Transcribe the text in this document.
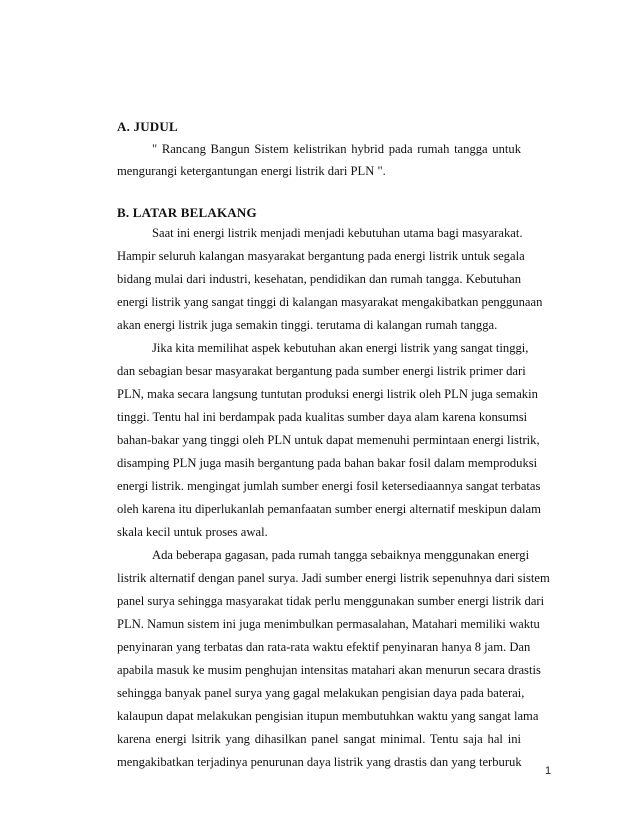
A. JUDUL

" Rancang Bangun Sistem kelistrikan hybrid pada rumah tangga untuk

mengurangi ketergantungan energi listrik dari PLN ".

B. LATAR BELAKANG

Saat ini energi listrik menjadi menjadi kebutuhan utama bagi masyarakat.

Hampir seluruh kalangan masyarakat bergantung pada energi listrik untuk segala

bidang mulai dari industri, kesehatan, pendidikan dan rumah tangga. Kebutuhan

energi listrik yang sangat tinggi di kalangan masyarakat mengakibatkan penggunaan

akan energi listrik juga semakin tinggi. terutama di kalangan rumah tangga.

Jika kita memilihat aspek kebutuhan akan energi listrik yang sangat tinggi,

dan sebagian besar masyarakat bergantung pada sumber energi listrik primer dari

PLN, maka secara langsung tuntutan produksi energi listrik oleh PLN juga semakin

tinggi. Tentu hal ini berdampak pada kualitas sumber daya alam karena konsumsi

bahan-bakar yang tinggi oleh PLN untuk dapat memenuhi permintaan energi listrik,

disamping PLN juga masih bergantung pada bahan bakar fosil dalam memproduksi

energi listrik. mengingat jumlah sumber energi fosil ketersediaannya sangat terbatas

oleh karena itu diperlukanlah pemanfaatan sumber energi alternatif meskipun dalam

skala kecil untuk proses awal.

Ada beberapa gagasan, pada rumah tangga sebaiknya menggunakan energi

listrik alternatif dengan panel surya. Jadi sumber energi listrik sepenuhnya dari sistem

panel surya sehingga masyarakat tidak perlu menggunakan sumber energi listrik dari

PLN. Namun sistem ini juga menimbulkan permasalahan, Matahari memiliki waktu

penyinaran yang terbatas dan rata-rata waktu efektif penyinaran hanya 8 jam. Dan

apabila masuk ke musim penghujan intensitas matahari akan menurun secara drastis

sehingga banyak panel surya yang gagal melakukan pengisian daya pada baterai,

kalaupun dapat melakukan pengisian itupun membutuhkan waktu yang sangat lama

karena energi lsitrik yang dihasilkan panel sangat minimal. Tentu saja hal ini

mengakibatkan terjadinya penurunan daya listrik yang drastis dan yang terburuk

1
